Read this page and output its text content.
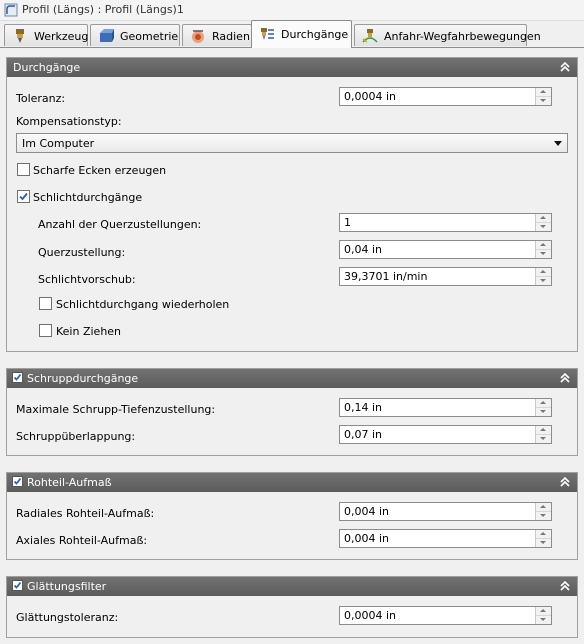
Profil (Längs) : Profil (Längs)1
Werkzeug	Geometrie	Radien	Durchgänge	Anfahr-Wegfahrbewegungen
Durchgänge
Toleranz:	0,0004 in
Kompensationstyp:
Im Computer
Scharfe Ecken erzeugen
Schlichtdurchgänge
Anzahl der Querzustellungen:	1
Querzustellung:	0,04 in
Schlichtvorschub:	39,3701 in/min
Schlichtdurchgang wiederholen
Kein Ziehen
Schruppdurchgänge
Maximale Schrupp-Tiefenzustellung:	0,14 in
Schruppüberlappung:	0,07 in
Rohteil-Aufmaß
Radiales Rohteil-Aufmaß:	0,004 in
Axiales Rohteil-Aufmaß:	0,004 in
Glättungsfilter
Glättungstoleranz:	0,0004 in
